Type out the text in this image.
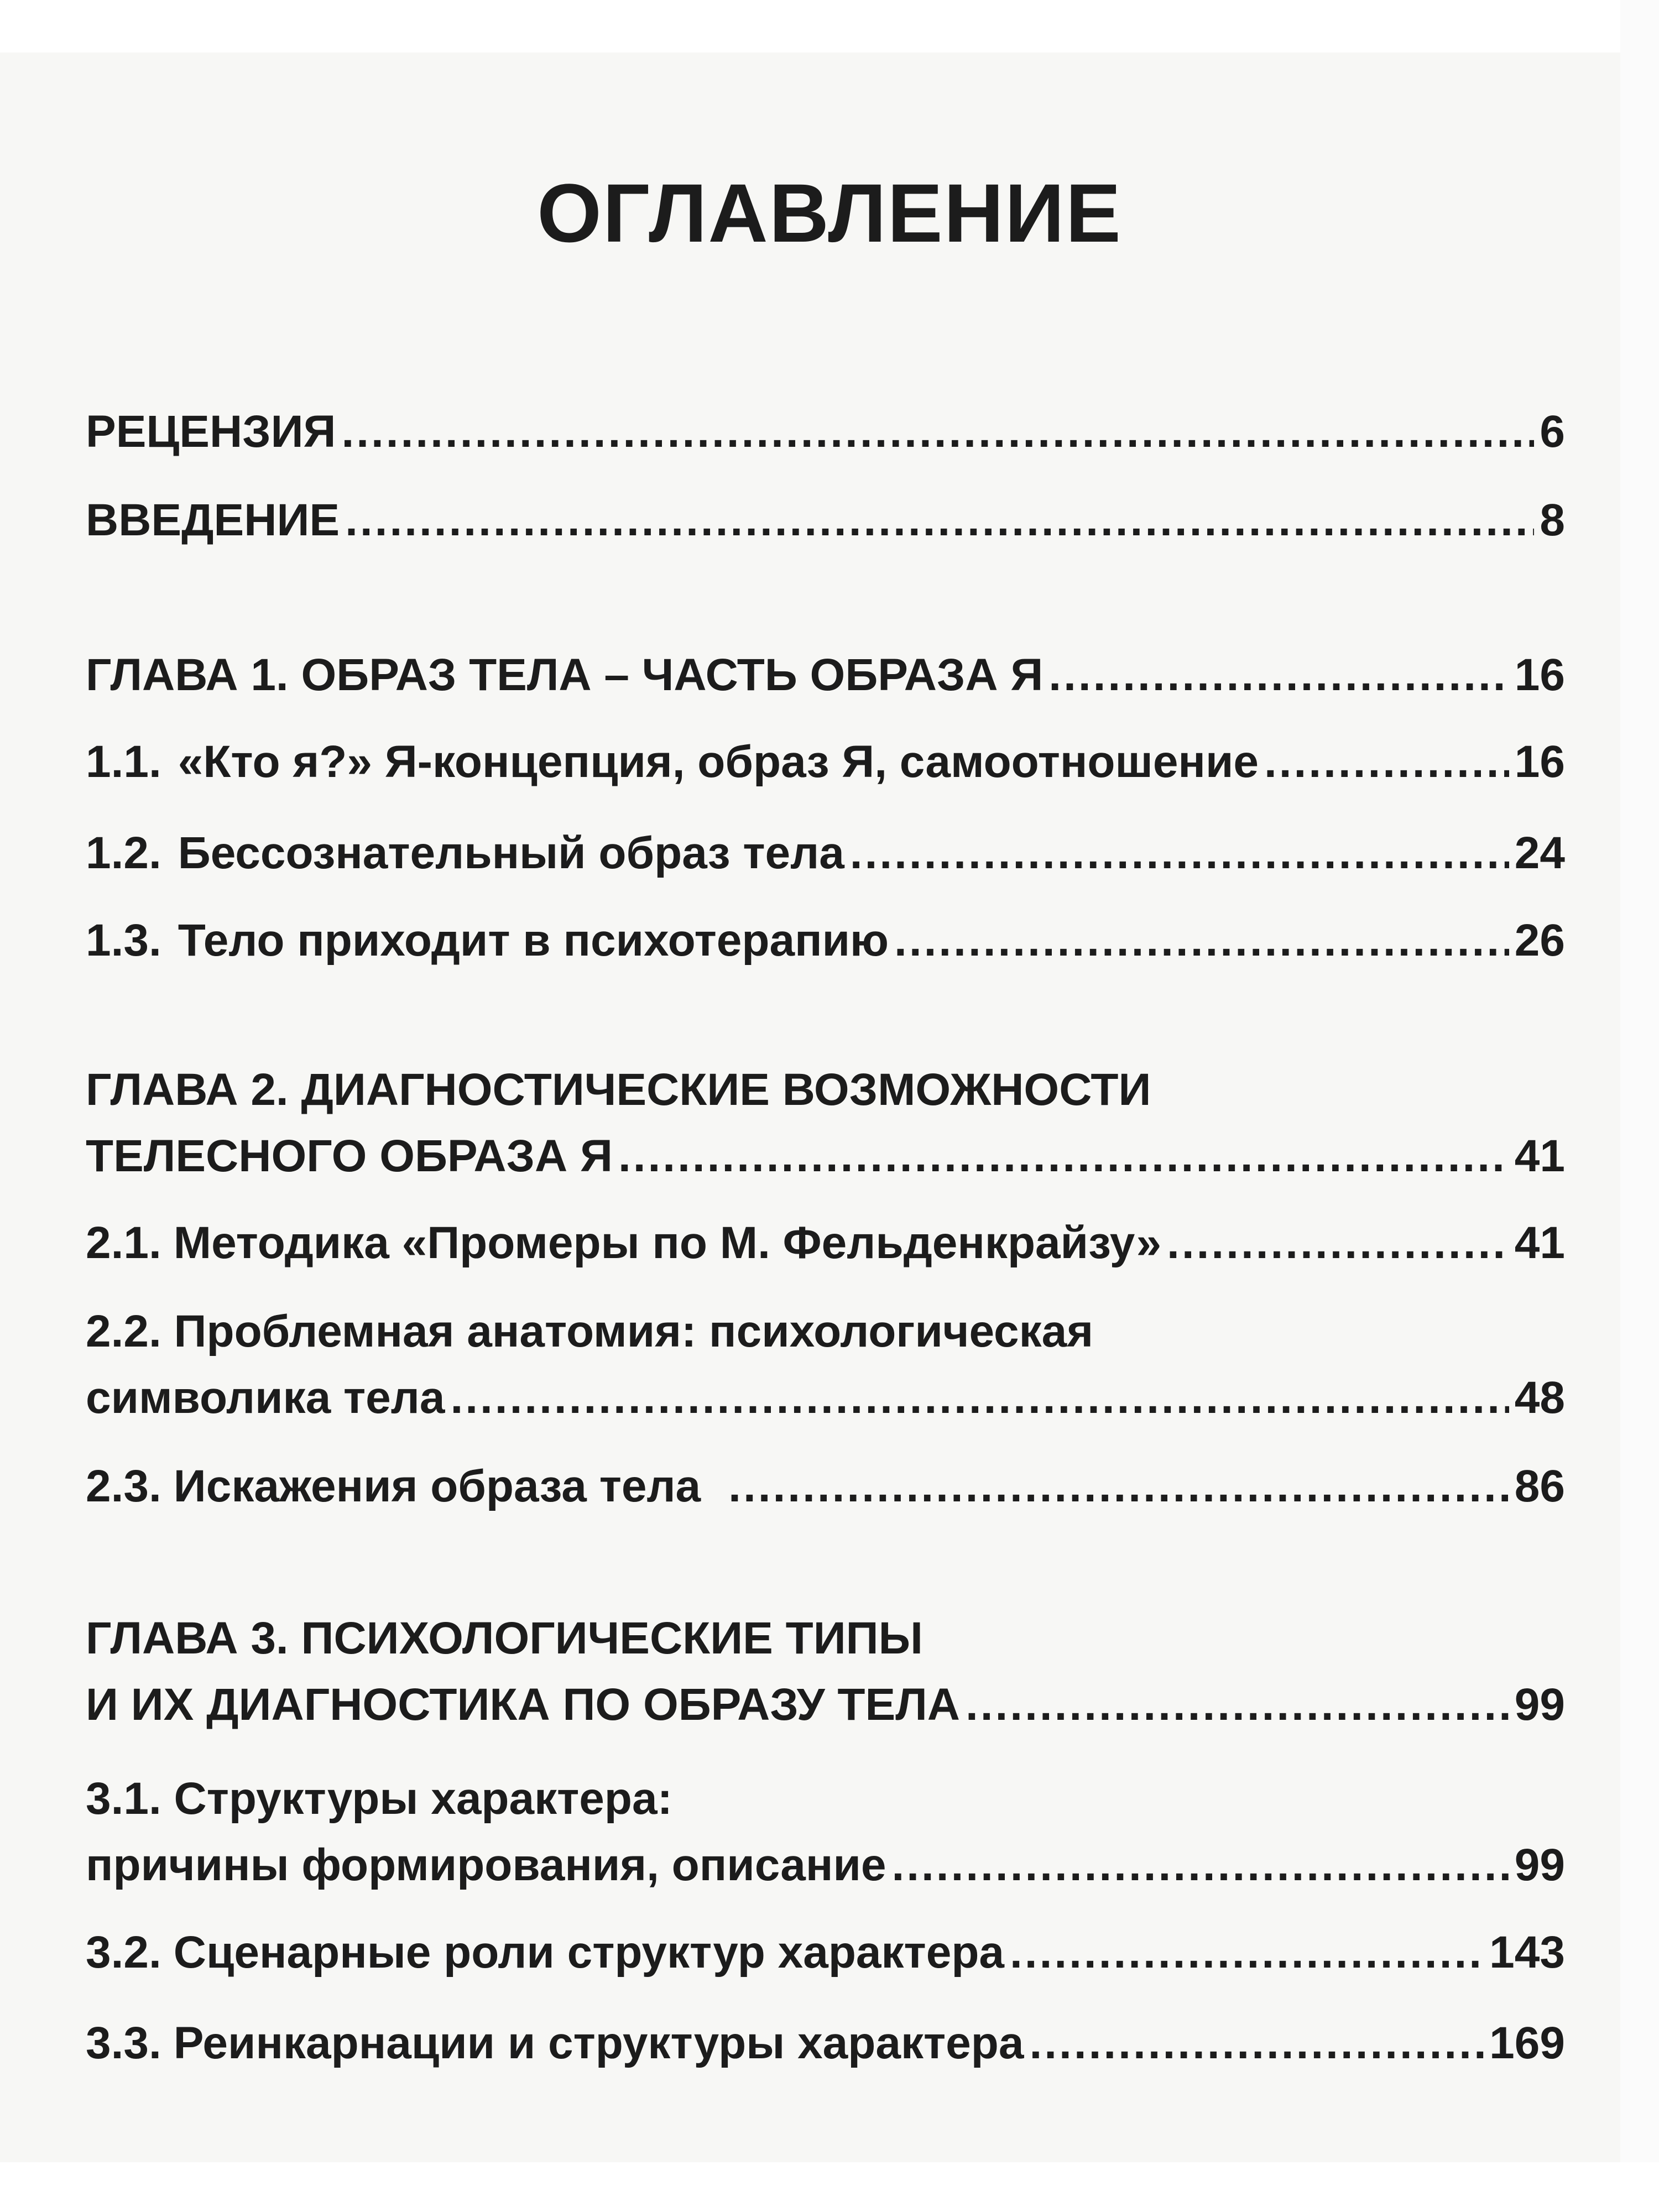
ОГЛАВЛЕНИЕ
РЕЦЕНЗИЯ .....	6
ВВЕДЕНИЕ .....	8
ГЛАВА 1. ОБРАЗ ТЕЛА – ЧАСТЬ ОБРАЗА Я .....	16
1.1. «Кто я?» Я-концепция, образ Я, самоотношение .....	16
1.2. Бессознательный образ тела .....	24
1.3. Тело приходит в психотерапию .....	26
ГЛАВА 2. ДИАГНОСТИЧЕСКИЕ ВОЗМОЖНОСТИ
ТЕЛЕСНОГО ОБРАЗА Я .....	41
2.1. Методика «Промеры по М. Фельденкрайзу» .....	41
2.2. Проблемная анатомия: психологическая
символика тела .....	48
2.3. Искажения образа тела .....	86
ГЛАВА 3. ПСИХОЛОГИЧЕСКИЕ ТИПЫ
И ИХ ДИАГНОСТИКА ПО ОБРАЗУ ТЕЛА .....	99
3.1. Структуры характера:
причины формирования, описание .....	99
3.2. Сценарные роли структур характера .....	143
3.3. Реинкарнации и структуры характера .....	169
